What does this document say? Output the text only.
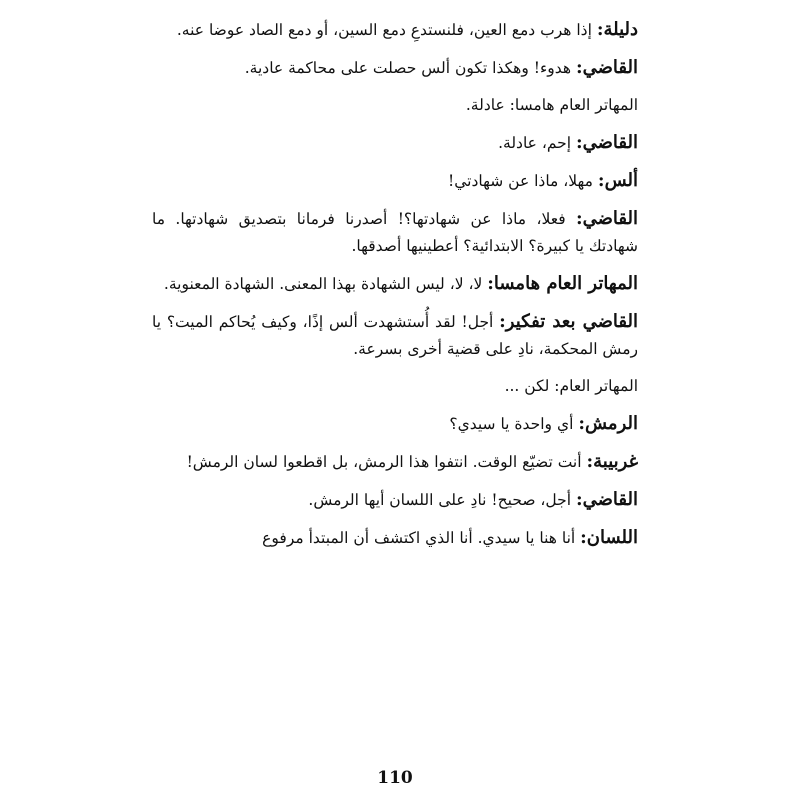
دليلة: إذا هرب دمع العين، فلنستدعِ دمع السين، أو دمع الصاد عوضا عنه.

القاضي: هدوء! وهكذا تكون ألس حصلت على محاكمة عادية.

المهاتر العام هامسا: عادلة.

القاضي: إحم، عادلة.

ألس: مهلا، ماذا عن شهادتي!

القاضي: فعلا، ماذا عن شهادتها؟! أصدرنا فرمانا بتصديق شهادتها. ما شهادتك يا كبيرة؟ الابتدائية؟ أعطينيها أصدقها.

المهاتر العام هامسا: لا، لا، ليس الشهادة بهذا المعنى. الشهادة المعنوية.

القاضي بعد تفكير: أجل! لقد أُستشهدت ألس إذًا، وكيف يُحاكم الميت؟ يا رمش المحكمة، نادِ على قضية أخرى بسرعة.

المهاتر العام: لكن ...

الرمش: أي واحدة يا سيدي؟

غربيبة: أنت تضيّع الوقت. انتفوا هذا الرمش، بل اقطعوا لسان الرمش!

القاضي: أجل، صحيح! نادِ على اللسان أيها الرمش.

اللسان: أنا هنا يا سيدي. أنا الذي اكتشف أن المبتدأ مرفوع

110
